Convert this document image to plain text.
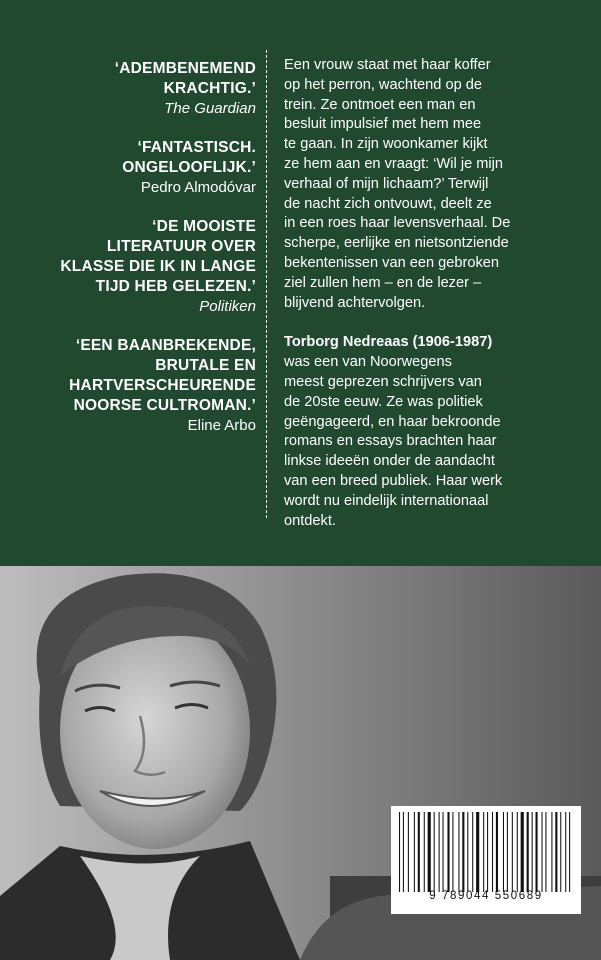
‘ADEMBENEMEND
KRACHTIG.’
The Guardian
‘FANTASTISCH.
ONGELOOFLIJK.’
Pedro Almodóvar
‘DE MOOISTE
LITERATUUR OVER
KLASSE DIE IK IN LANGE
TIJD HEB GELEZEN.’
Politiken
‘EEN BAANBREKENDE,
BRUTALE EN
HARTVERSCHEURENDE
NOORSE CULTROMAN.’
Eline Arbo

Een vrouw staat met haar koffer
op het perron, wachtend op de
trein. Ze ontmoet een man en
besluit impulsief met hem mee
te gaan. In zijn woonkamer kijkt
ze hem aan en vraagt: ‘Wil je mijn
verhaal of mijn lichaam?’ Terwijl
de nacht zich ontvouwt, deelt ze
in een roes haar levensverhaal. De
scherpe, eerlijke en nietsontziende
bekentenissen van een gebroken
ziel zullen hem – en de lezer –
blijvend achtervolgen.

Torborg Nedreaas (1906-1987)
was een van Noorwegens
meest geprezen schrijvers van
de 20ste eeuw. Ze was politiek
geëngageerd, en haar bekroonde
romans en essays brachten haar
linkse ideeën onder de aandacht
van een breed publiek. Haar werk
wordt nu eindelijk internationaal
ontdekt.

9 789044 550689
